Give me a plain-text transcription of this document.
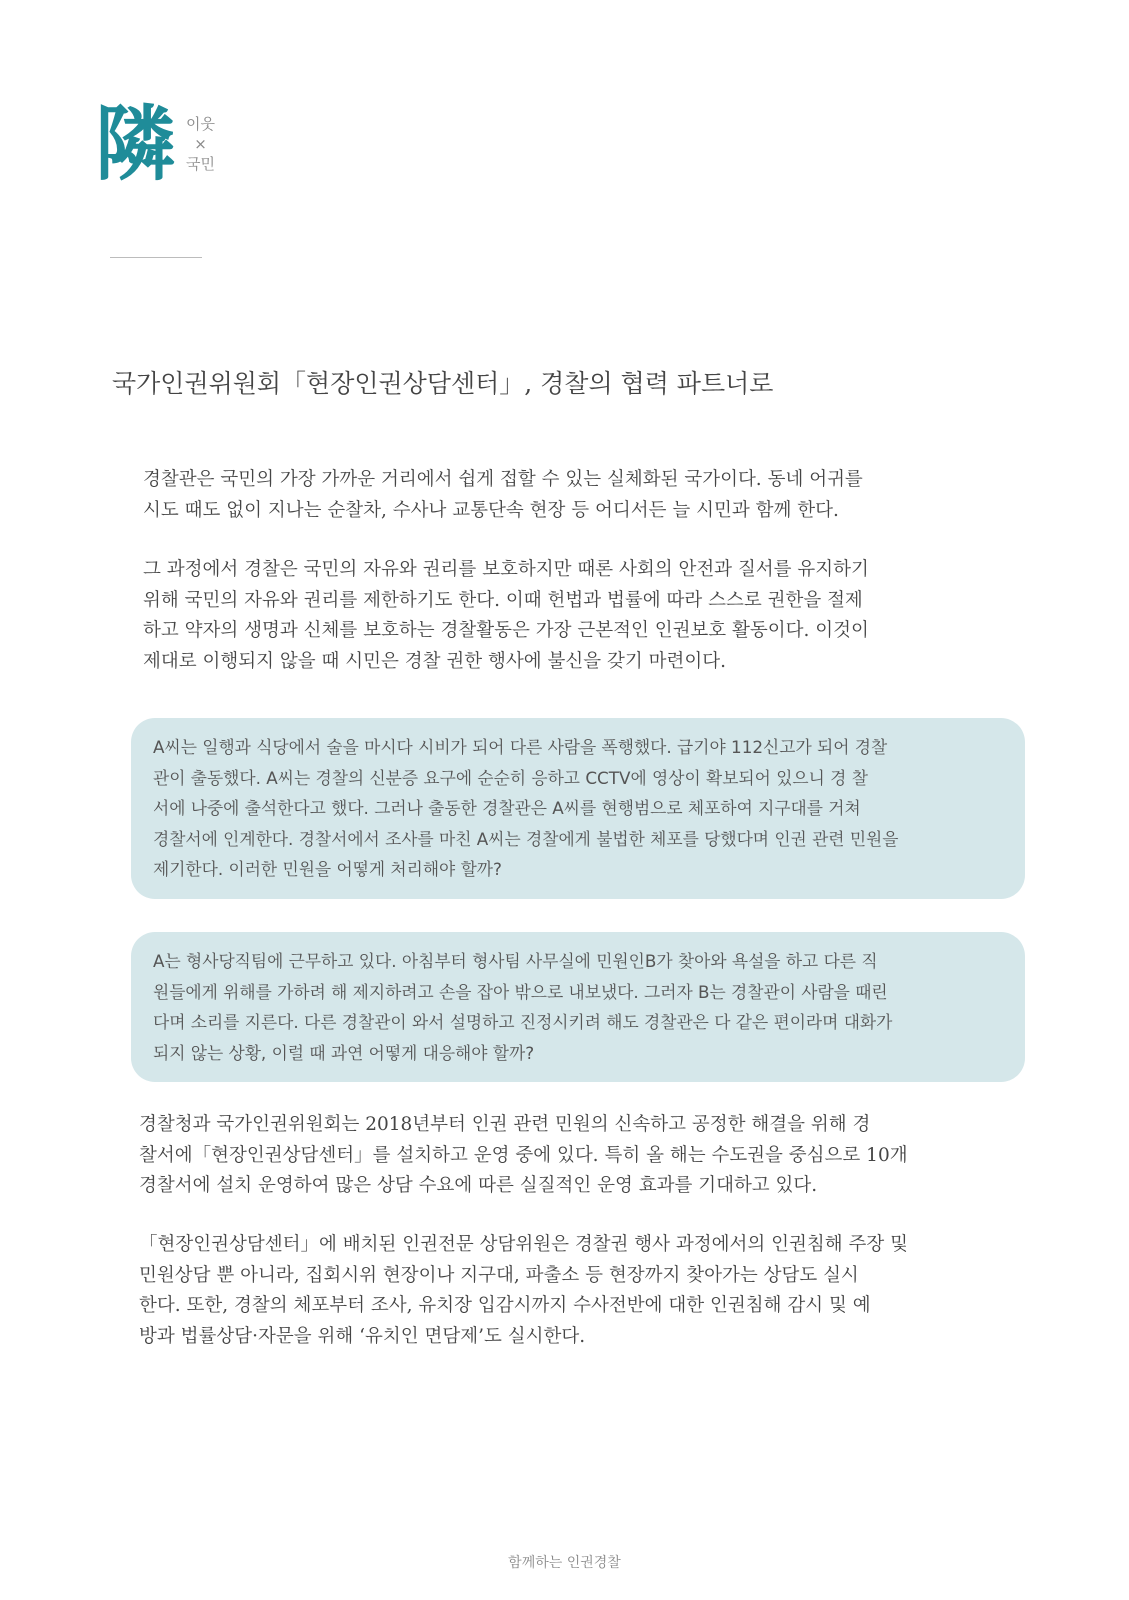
隣 이웃
×
국민
국가인권위원회「현장인권상담센터」, 경찰의 협력 파트너로

경찰관은 국민의 가장 가까운 거리에서 쉽게 접할 수 있는 실체화된 국가이다. 동네 어귀를
시도 때도 없이 지나는 순찰차, 수사나 교통단속 현장 등 어디서든 늘 시민과 함께 한다.

그 과정에서 경찰은 국민의 자유와 권리를 보호하지만 때론 사회의 안전과 질서를 유지하기
위해 국민의 자유와 권리를 제한하기도 한다. 이때 헌법과 법률에 따라 스스로 권한을 절제
하고 약자의 생명과 신체를 보호하는 경찰활동은 가장 근본적인 인권보호 활동이다. 이것이
제대로 이행되지 않을 때 시민은 경찰 권한 행사에 불신을 갖기 마련이다.

A씨는 일행과 식당에서 술을 마시다 시비가 되어 다른 사람을 폭행했다. 급기야 112신고가 되어 경찰
관이 출동했다. A씨는 경찰의 신분증 요구에 순순히 응하고 CCTV에 영상이 확보되어 있으니 경 찰
서에 나중에 출석한다고 했다. 그러나 출동한 경찰관은 A씨를 현행범으로 체포하여 지구대를 거쳐
경찰서에 인계한다. 경찰서에서 조사를 마친 A씨는 경찰에게 불법한 체포를 당했다며 인권 관련 민원을
제기한다. 이러한 민원을 어떻게 처리해야 할까?
A는 형사당직팀에 근무하고 있다. 아침부터 형사팀 사무실에 민원인B가 찾아와 욕설을 하고 다른 직
원들에게 위해를 가하려 해 제지하려고 손을 잡아 밖으로 내보냈다. 그러자 B는 경찰관이 사람을 때린
다며 소리를 지른다. 다른 경찰관이 와서 설명하고 진정시키려 해도 경찰관은 다 같은 편이라며 대화가
되지 않는 상황, 이럴 때 과연 어떻게 대응해야 할까?

경찰청과 국가인권위원회는 2018년부터 인권 관련 민원의 신속하고 공정한 해결을 위해 경
찰서에「현장인권상담센터」를 설치하고 운영 중에 있다. 특히 올 해는 수도권을 중심으로 10개
경찰서에 설치 운영하여 많은 상담 수요에 따른 실질적인 운영 효과를 기대하고 있다.

「현장인권상담센터」에 배치된 인권전문 상담위원은 경찰권 행사 과정에서의 인권침해 주장 및
민원상담 뿐 아니라, 집회시위 현장이나 지구대, 파출소 등 현장까지 찾아가는 상담도 실시
한다. 또한, 경찰의 체포부터 조사, 유치장 입감시까지 수사전반에 대한 인권침해 감시 및 예
방과 법률상담·자문을 위해 ‘유치인 면담제’도 실시한다.

함께하는 인권경찰
